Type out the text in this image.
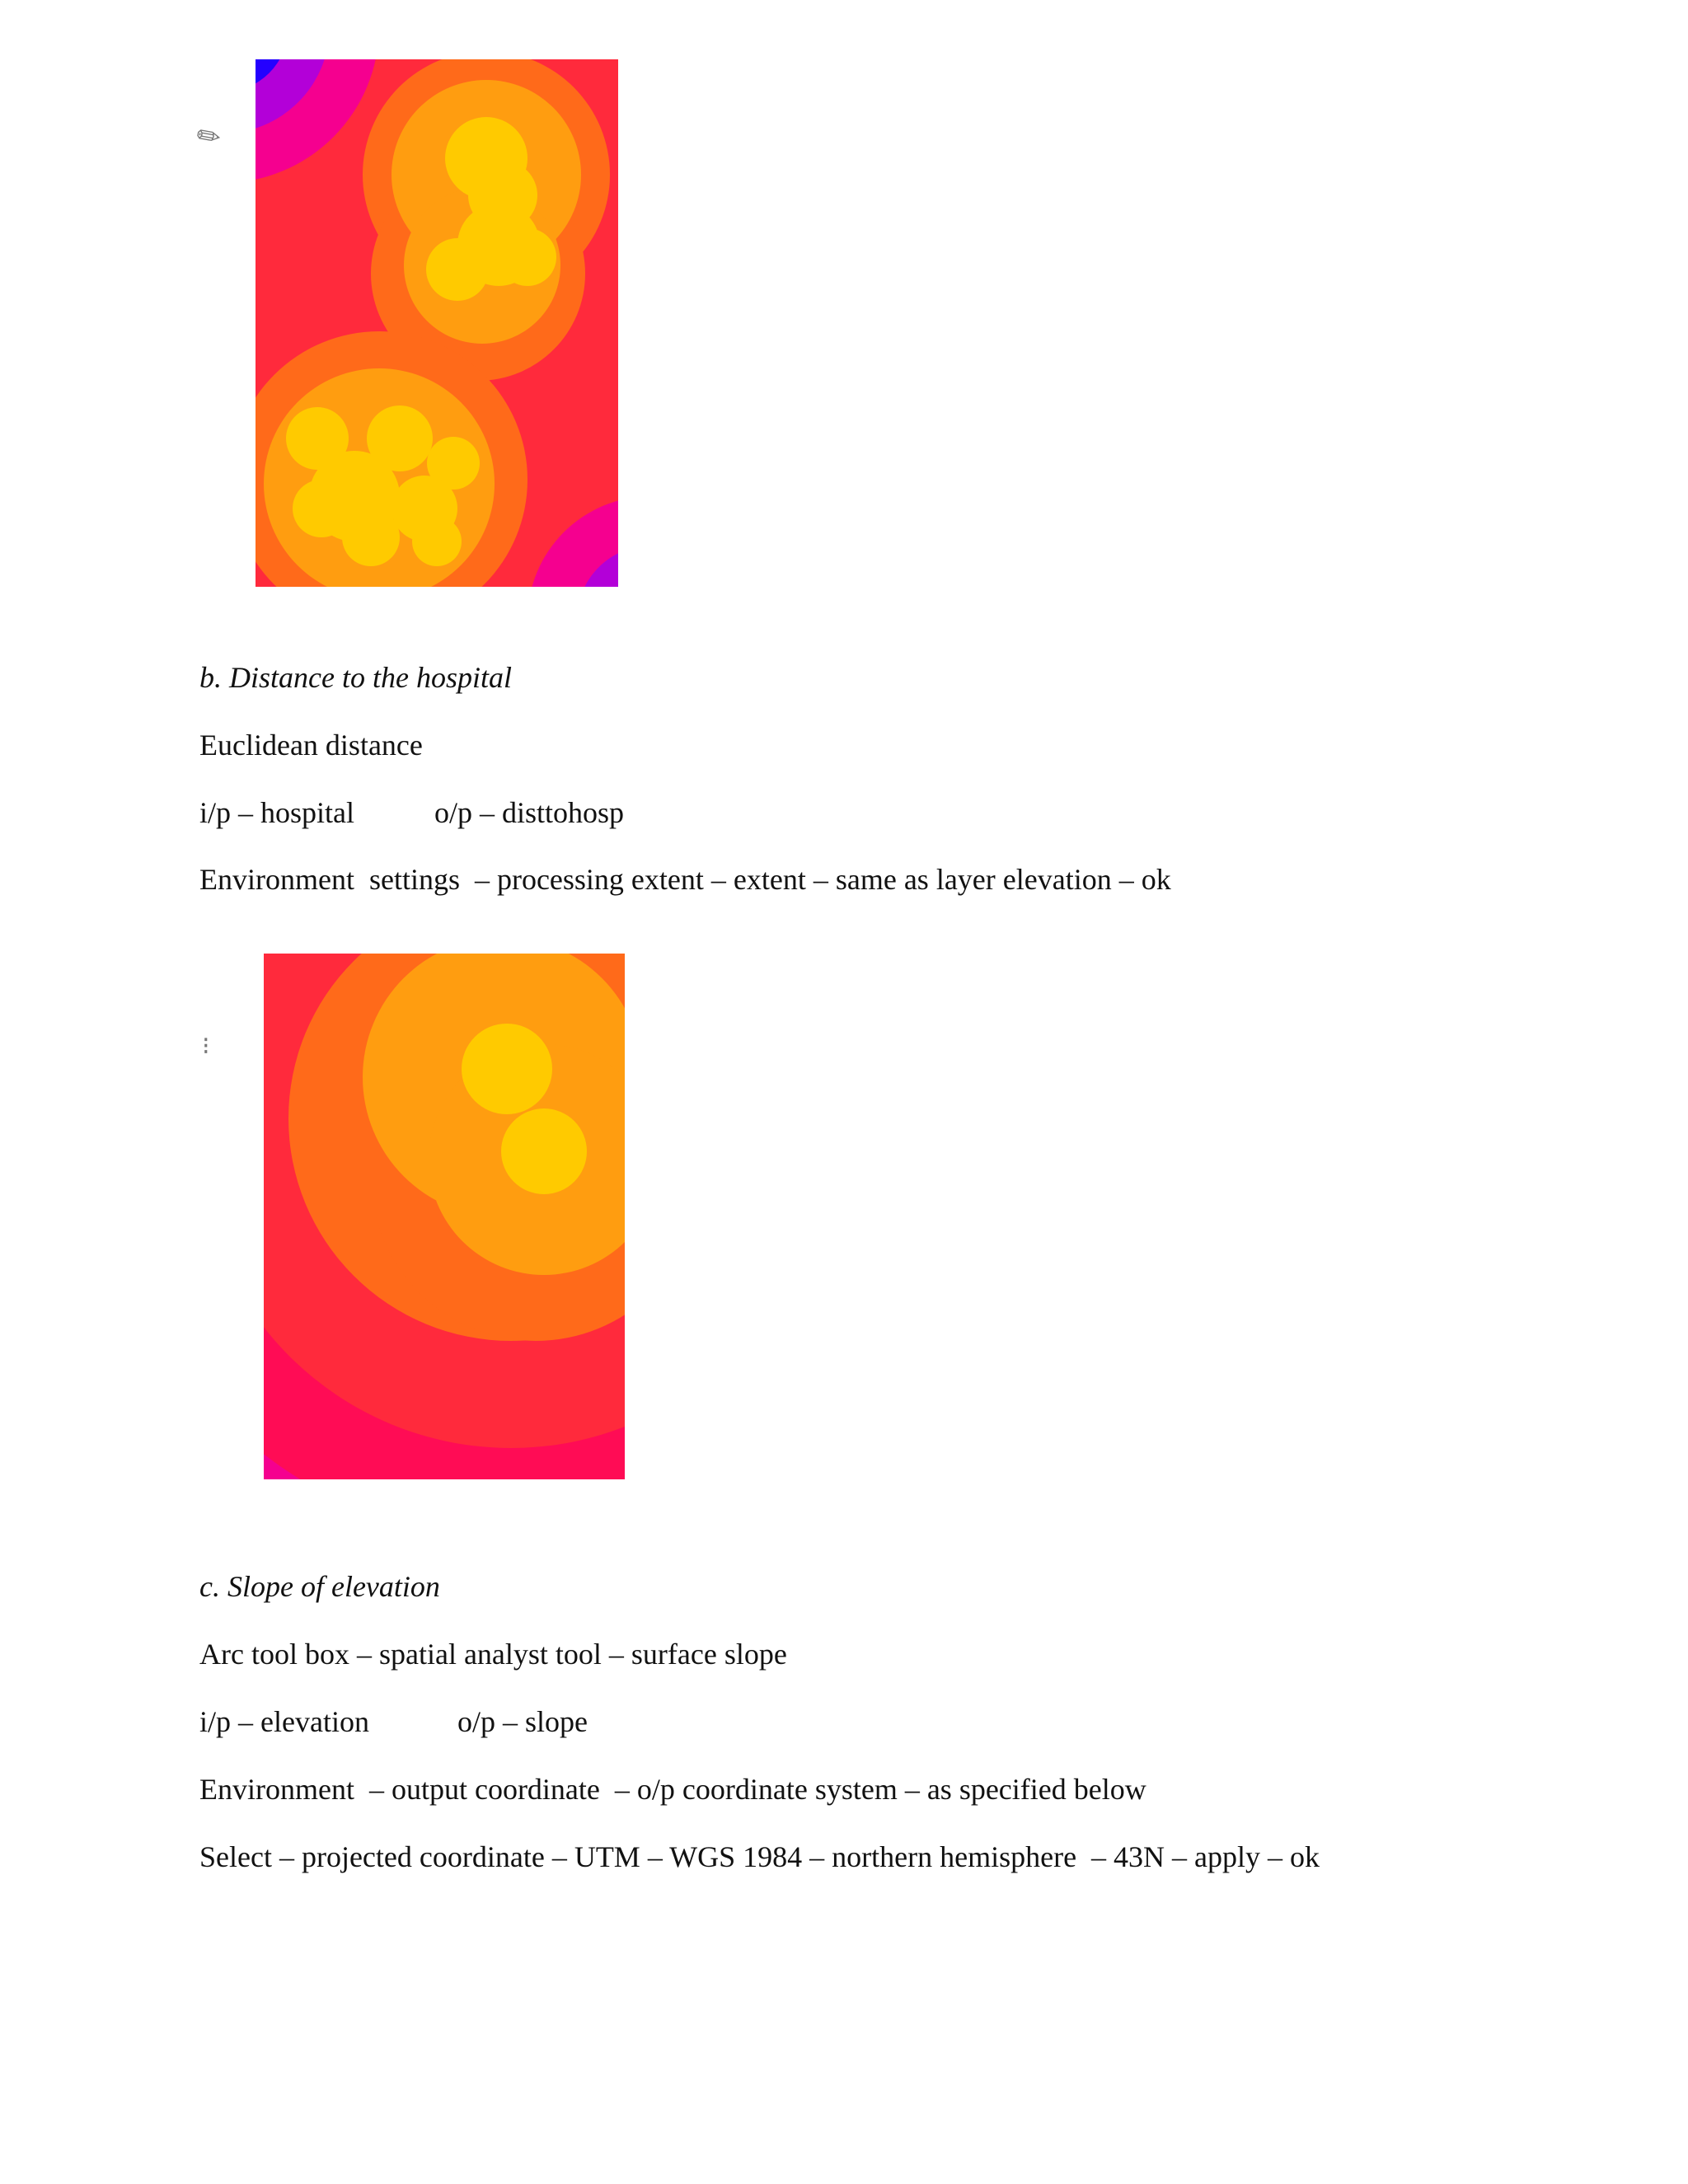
✎
b. Distance to the hospital
Euclidean distance
i/p – hospital	o/p – disttohosp
Environment  settings  – processing extent – extent – same as layer elevation – ok
⁝
c. Slope of elevation
Arc tool box – spatial analyst tool – surface slope
i/p – elevation	o/p – slope
Environment  – output coordinate  – o/p coordinate system – as specified below
Select – projected coordinate – UTM – WGS 1984 – northern hemisphere  – 43N – apply – ok
